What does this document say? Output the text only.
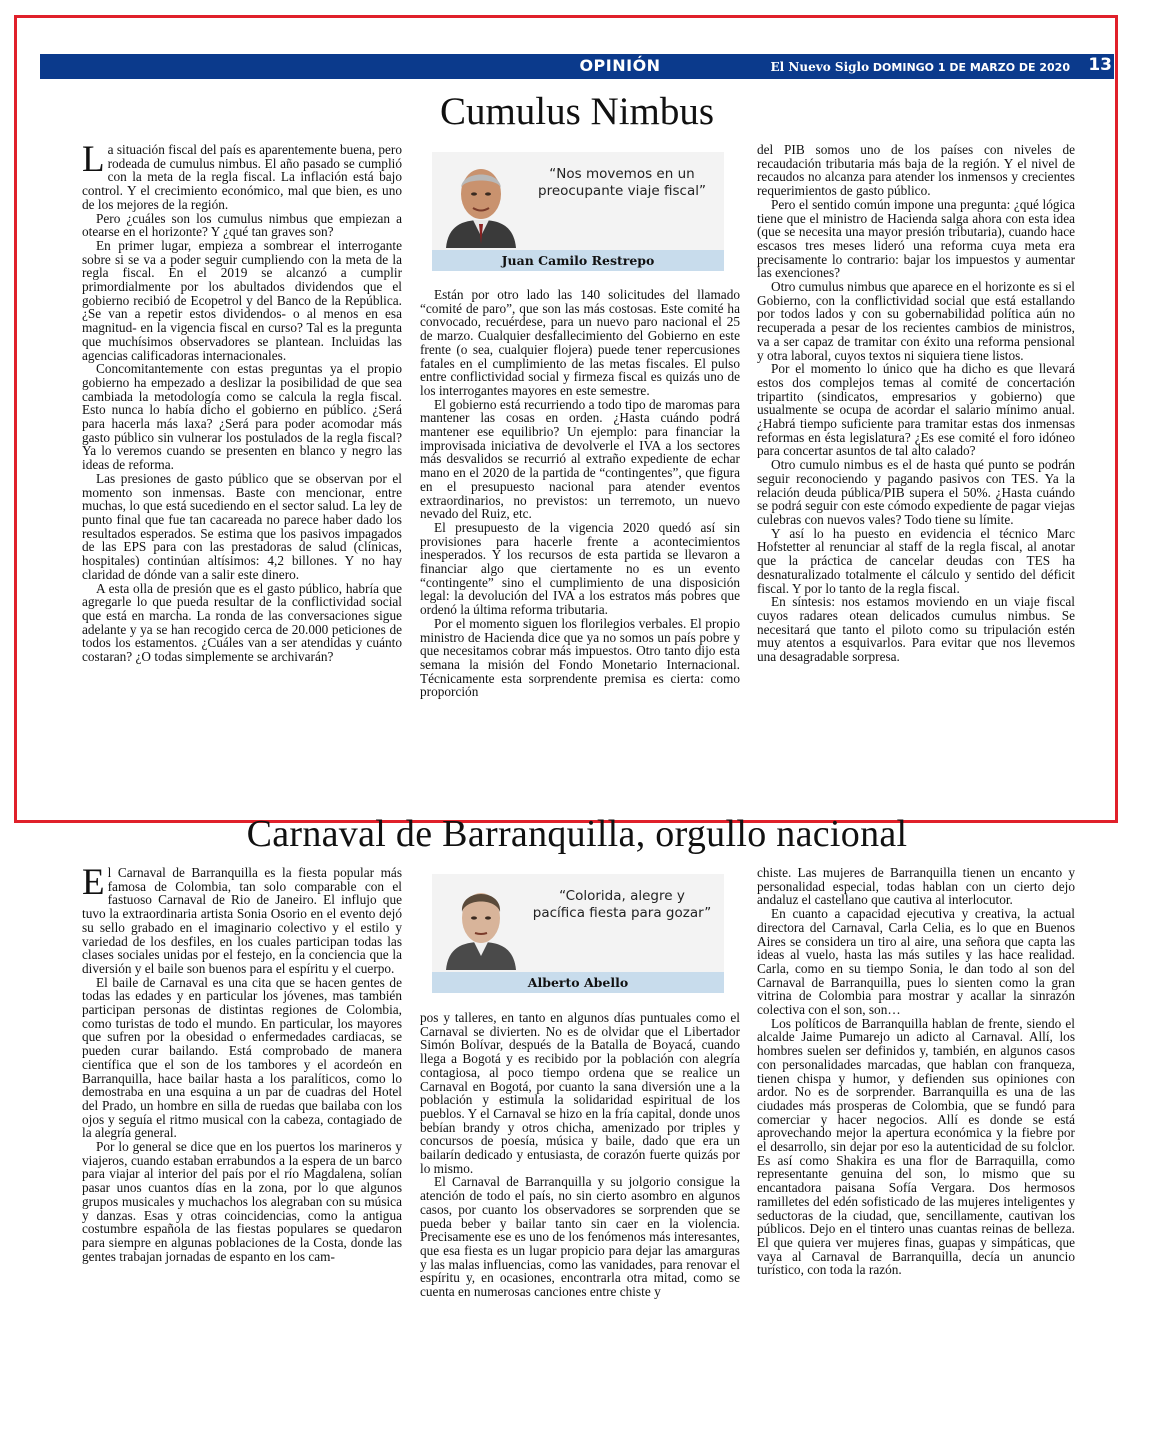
OPINIÓN	El Nuevo Siglo DOMINGO 1 DE MARZO DE 2020 13
Cumulus Nimbus

La situación fiscal del país es aparentemente buena, pero rodeada de cumulus nimbus. El año pasado se cumplió con la meta de la regla fiscal. La inflación está bajo control. Y el crecimiento económico, mal que bien, es uno de los mejores de la región.

Pero ¿cuáles son los cumulus nimbus que empiezan a otearse en el horizonte? Y ¿qué tan graves son?

En primer lugar, empieza a sombrear el interrogante sobre si se va a poder seguir cumpliendo con la meta de la regla fiscal. En el 2019 se alcanzó a cumplir primordialmente por los abultados dividendos que el gobierno recibió de Ecopetrol y del Banco de la República. ¿Se van a repetir estos dividendos- o al menos en esa magnitud- en la vigencia fiscal en curso? Tal es la pregunta que muchísimos observadores se plantean. Incluidas las agencias calificadoras internacionales.

Concomitantemente con estas preguntas ya el propio gobierno ha empezado a deslizar la posibilidad de que sea cambiada la metodología como se calcula la regla fiscal. Esto nunca lo había dicho el gobierno en público. ¿Será para hacerla más laxa? ¿Será para poder acomodar más gasto público sin vulnerar los postulados de la regla fiscal? Ya lo veremos cuando se presenten en blanco y negro las ideas de reforma.

Las presiones de gasto público que se observan por el momento son inmensas. Baste con mencionar, entre muchas, lo que está sucediendo en el sector salud. La ley de punto final que fue tan cacareada no parece haber dado los resultados esperados. Se estima que los pasivos impagados de las EPS para con las prestadoras de salud (clínicas, hospitales) continúan altísimos: 4,2 billones. Y no hay claridad de dónde van a salir este dinero.

A esta olla de presión que es el gasto público, habría que agregarle lo que pueda resultar de la conflictividad social que está en marcha. La ronda de las conversaciones sigue adelante y ya se han recogido cerca de 20.000 peticiones de todos los estamentos. ¿Cuáles van a ser atendidas y cuánto costaran? ¿O todas simplemente se archivarán?

“Nos movemos en un preocupante viaje fiscal”
Juan Camilo Restrepo

Están por otro lado las 140 solicitudes del llamado “comité de paro”, que son las más costosas. Este comité ha convocado, recuérdese, para un nuevo paro nacional el 25 de marzo. Cualquier desfallecimiento del Gobierno en este frente (o sea, cualquier flojera) puede tener repercusiones fatales en el cumplimiento de las metas fiscales. El pulso entre conflictividad social y firmeza fiscal es quizás uno de los interrogantes mayores en este semestre.

El gobierno está recurriendo a todo tipo de maromas para mantener las cosas en orden. ¿Hasta cuándo podrá mantener ese equilibrio? Un ejemplo: para financiar la improvisada iniciativa de devolverle el IVA a los sectores más desvalidos se recurrió al extraño expediente de echar mano en el 2020 de la partida de “contingentes”, que figura en el presupuesto nacional para atender eventos extraordinarios, no previstos: un terremoto, un nuevo nevado del Ruiz, etc.

El presupuesto de la vigencia 2020 quedó así sin provisiones para hacerle frente a acontecimientos inesperados. Y los recursos de esta partida se llevaron a financiar algo que ciertamente no es un evento “contingente” sino el cumplimiento de una disposición legal: la devolución del IVA a los estratos más pobres que ordenó la última reforma tributaria.

Por el momento siguen los florilegios verbales. El propio ministro de Hacienda dice que ya no somos un país pobre y que necesitamos cobrar más impuestos. Otro tanto dijo esta semana la misión del Fondo Monetario Internacional. Técnicamente esta sorprendente premisa es cierta: como proporción

del PIB somos uno de los países con niveles de recaudación tributaria más baja de la región. Y el nivel de recaudos no alcanza para atender los inmensos y crecientes requerimientos de gasto público.

Pero el sentido común impone una pregunta: ¿qué lógica tiene que el ministro de Hacienda salga ahora con esta idea (que se necesita una mayor presión tributaria), cuando hace escasos tres meses lideró una reforma cuya meta era precisamente lo contrario: bajar los impuestos y aumentar las exenciones?

Otro cumulus nimbus que aparece en el horizonte es si el Gobierno, con la conflictividad social que está estallando por todos lados y con su gobernabilidad política aún no recuperada a pesar de los recientes cambios de ministros, va a ser capaz de tramitar con éxito una reforma pensional y otra laboral, cuyos textos ni siquiera tiene listos.

Por el momento lo único que ha dicho es que llevará estos dos complejos temas al comité de concertación tripartito (sindicatos, empresarios y gobierno) que usualmente se ocupa de acordar el salario mínimo anual. ¿Habrá tiempo suficiente para tramitar estas dos inmensas reformas en ésta legislatura? ¿Es ese comité el foro idóneo para concertar asuntos de tal alto calado?

Otro cumulo nimbus es el de hasta qué punto se podrán seguir reconociendo y pagando pasivos con TES. Ya la relación deuda pública/PIB supera el 50%. ¿Hasta cuándo se podrá seguir con este cómodo expediente de pagar viejas culebras con nuevos vales? Todo tiene su límite.

Y así lo ha puesto en evidencia el técnico Marc Hofstetter al renunciar al staff de la regla fiscal, al anotar que la práctica de cancelar deudas con TES ha desnaturalizado totalmente el cálculo y sentido del déficit fiscal. Y por lo tanto de la regla fiscal.

En síntesis: nos estamos moviendo en un viaje fiscal cuyos radares otean delicados cumulus nimbus. Se necesitará que tanto el piloto como su tripulación estén muy atentos a esquivarlos. Para evitar que nos llevemos una desagradable sorpresa.

Carnaval de Barranquilla, orgullo nacional

El Carnaval de Barranquilla es la fiesta popular más famosa de Colombia, tan solo comparable con el fastuoso Carnaval de Rio de Janeiro. El influjo que tuvo la extraordinaria artista Sonia Osorio en el evento dejó su sello grabado en el imaginario colectivo y el estilo y variedad de los desfiles, en los cuales participan todas las clases sociales unidas por el festejo, en la conciencia que la diversión y el baile son buenos para el espíritu y el cuerpo.

El baile de Carnaval es una cita que se hacen gentes de todas las edades y en particular los jóvenes, mas también participan personas de distintas regiones de Colombia, como turistas de todo el mundo. En particular, los mayores que sufren por la obesidad o enfermedades cardiacas, se pueden curar bailando. Está comprobado de manera científica que el son de los tambores y el acordeón en Barranquilla, hace bailar hasta a los paralíticos, como lo demostraba en una esquina a un par de cuadras del Hotel del Prado, un hombre en silla de ruedas que bailaba con los ojos y seguía el ritmo musical con la cabeza, contagiado de la alegría general.

Por lo general se dice que en los puertos los marineros y viajeros, cuando estaban errabundos a la espera de un barco para viajar al interior del país por el río Magdalena, solían pasar unos cuantos días en la zona, por lo que algunos grupos musicales y muchachos los alegraban con su música y danzas. Esas y otras coincidencias, como la antigua costumbre española de las fiestas populares se quedaron para siempre en algunas poblaciones de la Costa, donde las gentes trabajan jornadas de espanto en los cam-

“Colorida, alegre y pacífica fiesta para gozar”
Alberto Abello

pos y talleres, en tanto en algunos días puntuales como el Carnaval se divierten. No es de olvidar que el Libertador Simón Bolívar, después de la Batalla de Boyacá, cuando llega a Bogotá y es recibido por la población con alegría contagiosa, al poco tiempo ordena que se realice un Carnaval en Bogotá, por cuanto la sana diversión une a la población y estimula la solidaridad espiritual de los pueblos. Y el Carnaval se hizo en la fría capital, donde unos bebían brandy y otros chicha, amenizado por triples y concursos de poesía, música y baile, dado que era un bailarín dedicado y entusiasta, de corazón fuerte quizás por lo mismo.

El Carnaval de Barranquilla y su jolgorio consigue la atención de todo el país, no sin cierto asombro en algunos casos, por cuanto los observadores se sorprenden que se pueda beber y bailar tanto sin caer en la violencia. Precisamente ese es uno de los fenómenos más interesantes, que esa fiesta es un lugar propicio para dejar las amarguras y las malas influencias, como las vanidades, para renovar el espíritu y, en ocasiones, encontrarla otra mitad, como se cuenta en numerosas canciones entre chiste y

chiste. Las mujeres de Barranquilla tienen un encanto y personalidad especial, todas hablan con un cierto dejo andaluz el castellano que cautiva al interlocutor.

En cuanto a capacidad ejecutiva y creativa, la actual directora del Carnaval, Carla Celia, es lo que en Buenos Aires se considera un tiro al aire, una señora que capta las ideas al vuelo, hasta las más sutiles y las hace realidad. Carla, como en su tiempo Sonia, le dan todo al son del Carnaval de Barranquilla, pues lo sienten como la gran vitrina de Colombia para mostrar y acallar la sinrazón colectiva con el son, son…

Los políticos de Barranquilla hablan de frente, siendo el alcalde Jaime Pumarejo un adicto al Carnaval. Allí, los hombres suelen ser definidos y, también, en algunos casos con personalidades marcadas, que hablan con franqueza, tienen chispa y humor, y defienden sus opiniones con ardor. No es de sorprender. Barranquilla es una de las ciudades más prosperas de Colombia, que se fundó para comerciar y hacer negocios. Allí es donde se está aprovechando mejor la apertura económica y la fiebre por el desarrollo, sin dejar por eso la autenticidad de su folclor. Es así como Shakira es una flor de Barraquilla, como representante genuina del son, lo mismo que su encantadora paisana Sofía Vergara. Dos hermosos ramilletes del edén sofisticado de las mujeres inteligentes y seductoras de la ciudad, que, sencillamente, cautivan los públicos. Dejo en el tintero unas cuantas reinas de belleza. El que quiera ver mujeres finas, guapas y simpáticas, que vaya al Carnaval de Barranquilla, decía un anuncio turístico, con toda la razón.
